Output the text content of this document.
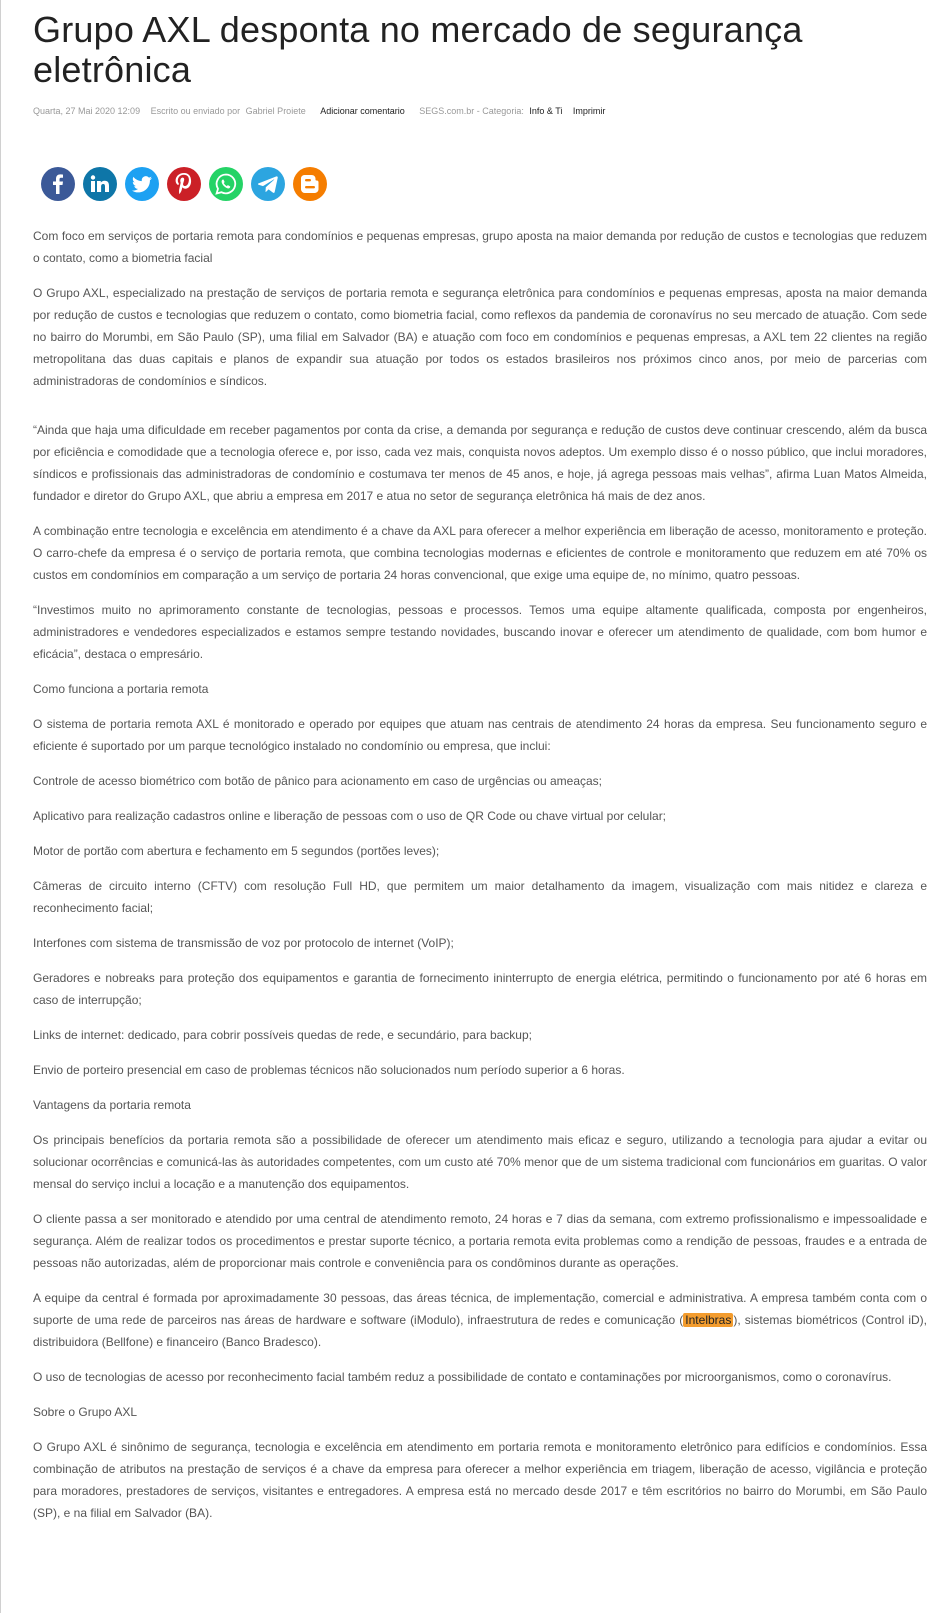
Grupo AXL desponta no mercado de segurança eletrônica
Quarta, 27 Mai 2020 12:09 Escrito ou enviado por Gabriel Proiete Adicionar comentario SEGS.com.br - Categoria: Info & Ti Imprimir

Com foco em serviços de portaria remota para condomínios e pequenas empresas, grupo aposta na maior demanda por redução de custos e tecnologias que reduzem o contato, como a biometria facial

O Grupo AXL, especializado na prestação de serviços de portaria remota e segurança eletrônica para condomínios e pequenas empresas, aposta na maior demanda por redução de custos e tecnologias que reduzem o contato, como biometria facial, como reflexos da pandemia de coronavírus no seu mercado de atuação. Com sede no bairro do Morumbi, em São Paulo (SP), uma filial em Salvador (BA) e atuação com foco em condomínios e pequenas empresas, a AXL tem 22 clientes na região metropolitana das duas capitais e planos de expandir sua atuação por todos os estados brasileiros nos próximos cinco anos, por meio de parcerias com administradoras de condomínios e síndicos.

“Ainda que haja uma dificuldade em receber pagamentos por conta da crise, a demanda por segurança e redução de custos deve continuar crescendo, além da busca por eficiência e comodidade que a tecnologia oferece e, por isso, cada vez mais, conquista novos adeptos. Um exemplo disso é o nosso público, que inclui moradores, síndicos e profissionais das administradoras de condomínio e costumava ter menos de 45 anos, e hoje, já agrega pessoas mais velhas”, afirma Luan Matos Almeida, fundador e diretor do Grupo AXL, que abriu a empresa em 2017 e atua no setor de segurança eletrônica há mais de dez anos.

A combinação entre tecnologia e excelência em atendimento é a chave da AXL para oferecer a melhor experiência em liberação de acesso, monitoramento e proteção. O carro-chefe da empresa é o serviço de portaria remota, que combina tecnologias modernas e eficientes de controle e monitoramento que reduzem em até 70% os custos em condomínios em comparação a um serviço de portaria 24 horas convencional, que exige uma equipe de, no mínimo, quatro pessoas.

“Investimos muito no aprimoramento constante de tecnologias, pessoas e processos. Temos uma equipe altamente qualificada, composta por engenheiros, administradores e vendedores especializados e estamos sempre testando novidades, buscando inovar e oferecer um atendimento de qualidade, com bom humor e eficácia”, destaca o empresário.

Como funciona a portaria remota

O sistema de portaria remota AXL é monitorado e operado por equipes que atuam nas centrais de atendimento 24 horas da empresa. Seu funcionamento seguro e eficiente é suportado por um parque tecnológico instalado no condomínio ou empresa, que inclui:

Controle de acesso biométrico com botão de pânico para acionamento em caso de urgências ou ameaças;

Aplicativo para realização cadastros online e liberação de pessoas com o uso de QR Code ou chave virtual por celular;

Motor de portão com abertura e fechamento em 5 segundos (portões leves);

Câmeras de circuito interno (CFTV) com resolução Full HD, que permitem um maior detalhamento da imagem, visualização com mais nitidez e clareza e reconhecimento facial;

Interfones com sistema de transmissão de voz por protocolo de internet (VoIP);

Geradores e nobreaks para proteção dos equipamentos e garantia de fornecimento ininterrupto de energia elétrica, permitindo o funcionamento por até 6 horas em caso de interrupção;

Links de internet: dedicado, para cobrir possíveis quedas de rede, e secundário, para backup;

Envio de porteiro presencial em caso de problemas técnicos não solucionados num período superior a 6 horas.

Vantagens da portaria remota

Os principais benefícios da portaria remota são a possibilidade de oferecer um atendimento mais eficaz e seguro, utilizando a tecnologia para ajudar a evitar ou solucionar ocorrências e comunicá-las às autoridades competentes, com um custo até 70% menor que de um sistema tradicional com funcionários em guaritas. O valor mensal do serviço inclui a locação e a manutenção dos equipamentos.

O cliente passa a ser monitorado e atendido por uma central de atendimento remoto, 24 horas e 7 dias da semana, com extremo profissionalismo e impessoalidade e segurança. Além de realizar todos os procedimentos e prestar suporte técnico, a portaria remota evita problemas como a rendição de pessoas, fraudes e a entrada de pessoas não autorizadas, além de proporcionar mais controle e conveniência para os condôminos durante as operações.

A equipe da central é formada por aproximadamente 30 pessoas, das áreas técnica, de implementação, comercial e administrativa. A empresa também conta com o suporte de uma rede de parceiros nas áreas de hardware e software (iModulo), infraestrutura de redes e comunicação ( Intelbras ), sistemas biométricos (Control iD), distribuidora (Bellfone) e financeiro (Banco Bradesco).

O uso de tecnologias de acesso por reconhecimento facial também reduz a possibilidade de contato e contaminações por microorganismos, como o coronavírus.

Sobre o Grupo AXL

O Grupo AXL é sinônimo de segurança, tecnologia e excelência em atendimento em portaria remota e monitoramento eletrônico para edifícios e condomínios. Essa combinação de atributos na prestação de serviços é a chave da empresa para oferecer a melhor experiência em triagem, liberação de acesso, vigilância e proteção para moradores, prestadores de serviços, visitantes e entregadores. A empresa está no mercado desde 2017 e têm escritórios no bairro do Morumbi, em São Paulo (SP), e na filial em Salvador (BA).
